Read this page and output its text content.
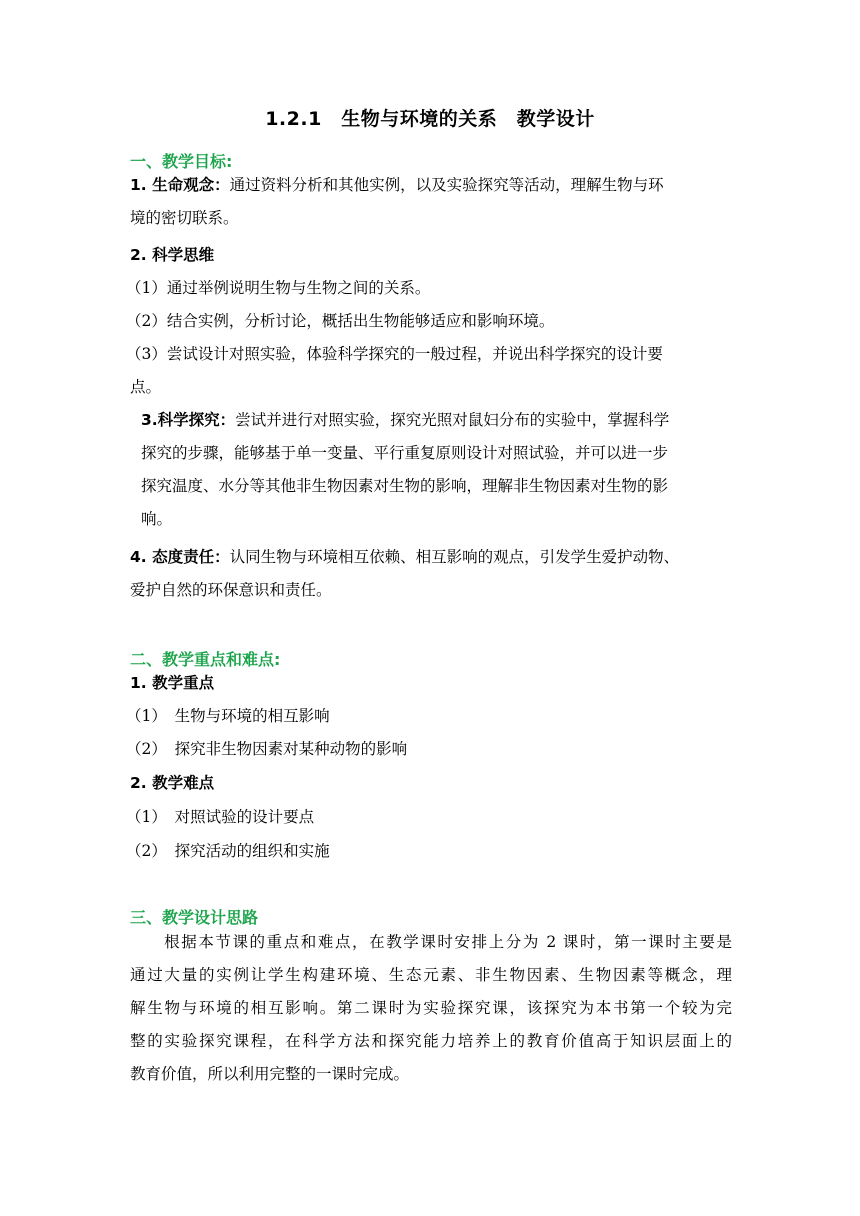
1.2.1　生物与环境的关系　教学设计
一、教学目标:
1. 生命观念：通过资料分析和其他实例，以及实验探究等活动，理解生物与环
境的密切联系。
2. 科学思维
（1）通过举例说明生物与生物之间的关系。
（2）结合实例，分析讨论，概括出生物能够适应和影响环境。
（3）尝试设计对照实验，体验科学探究的一般过程，并说出科学探究的设计要
点。
3.科学探究：尝试并进行对照实验，探究光照对鼠妇分布的实验中，掌握科学
探究的步骤，能够基于单一变量、平行重复原则设计对照试验，并可以进一步
探究温度、水分等其他非生物因素对生物的影响，理解非生物因素对生物的影
响。
4. 态度责任：认同生物与环境相互依赖、相互影响的观点，引发学生爱护动物、
爱护自然的环保意识和责任。
二、教学重点和难点:
1. 教学重点
（1）　生物与环境的相互影响
（2）　探究非生物因素对某种动物的影响
2. 教学难点
（1）　对照试验的设计要点
（2）　探究活动的组织和实施
三、教学设计思路
　　根据本节课的重点和难点，在教学课时安排上分为 2 课时，第一课时主要是
通过大量的实例让学生构建环境、生态元素、非生物因素、生物因素等概念，理
解生物与环境的相互影响。第二课时为实验探究课，该探究为本书第一个较为完
整的实验探究课程，在科学方法和探究能力培养上的教育价值高于知识层面上的
教育价值，所以利用完整的一课时完成。
